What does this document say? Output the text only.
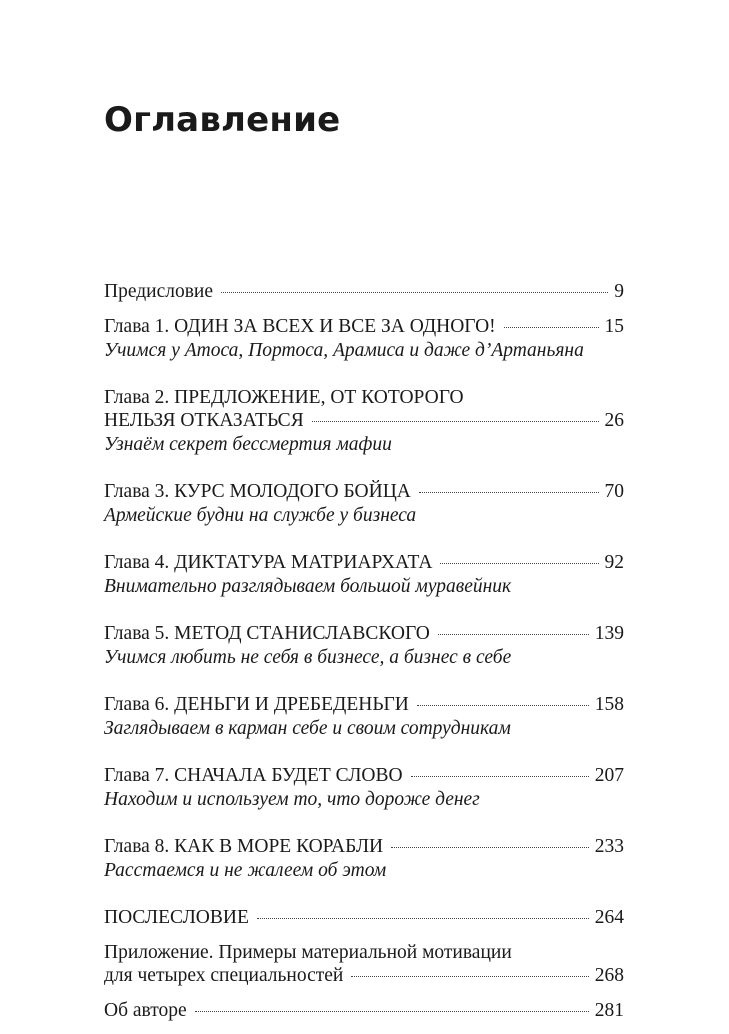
Оглавление
Предисловие	9
Глава 1. ОДИН ЗА ВСЕХ И ВСЕ ЗА ОДНОГО!	15
Учимся у Атоса, Портоса, Арамиса и даже д’Артаньяна
Глава 2. ПРЕДЛОЖЕНИЕ, ОТ КОТОРОГО
НЕЛЬЗЯ ОТКАЗАТЬСЯ	26
Узнаём секрет бессмертия мафии
Глава 3. КУРС МОЛОДОГО БОЙЦА	70
Армейские будни на службе у бизнеса
Глава 4. ДИКТАТУРА МАТРИАРХАТА	92
Внимательно разглядываем большой муравейник
Глава 5. МЕТОД СТАНИСЛАВСКОГО	139
Учимся любить не себя в бизнесе, а бизнес в себе
Глава 6. ДЕНЬГИ И ДРЕБЕДЕНЬГИ	158
Заглядываем в карман себе и своим сотрудникам
Глава 7. СНАЧАЛА БУДЕТ СЛОВО	207
Находим и используем то, что дороже денег
Глава 8. КАК В МОРЕ КОРАБЛИ	233
Расстаемся и не жалеем об этом
ПОСЛЕСЛОВИЕ	264
Приложение. Примеры материальной мотивации
для четырех специальностей	268
Об авторе	281
